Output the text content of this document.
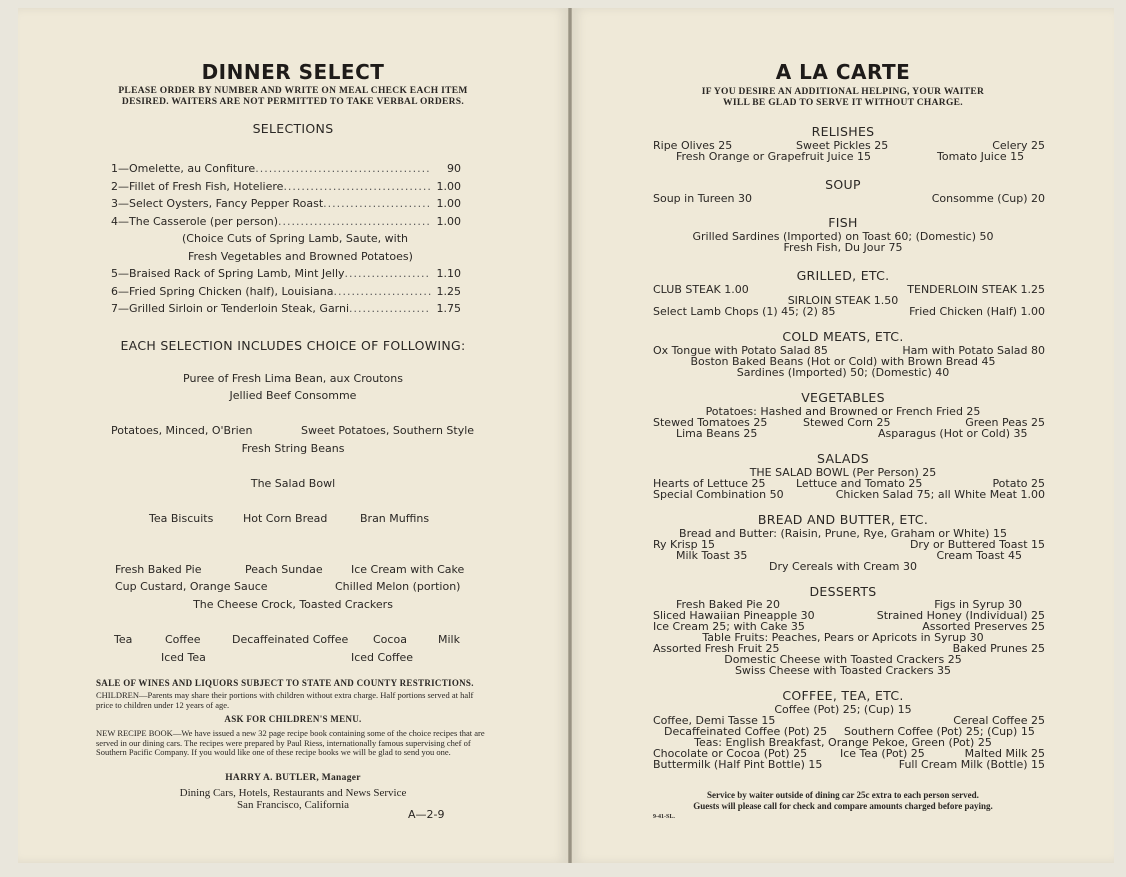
DINNER SELECT
PLEASE ORDER BY NUMBER AND WRITE ON MEAL CHECK EACH ITEM
DESIRED. WAITERS ARE NOT PERMITTED TO TAKE VERBAL ORDERS.
SELECTIONS
1—Omelette, au Confiture .....	90
2—Fillet of Fresh Fish, Hoteliere .....	1.00
3—Select Oysters, Fancy Pepper Roast .....	1.00
4—The Casserole (per person) .....	1.00
(Choice Cuts of Spring Lamb, Saute, with
Fresh Vegetables and Browned Potatoes)
5—Braised Rack of Spring Lamb, Mint Jelly .....	1.10
6—Fried Spring Chicken (half), Louisiana .....	1.25
7—Grilled Sirloin or Tenderloin Steak, Garni .....	1.75
EACH SELECTION INCLUDES CHOICE OF FOLLOWING:
Puree of Fresh Lima Bean, aux Croutons
Jellied Beef Consomme
Potatoes, Minced, O'Brien	Sweet Potatoes, Southern Style
Fresh String Beans
The Salad Bowl
Tea Biscuits	Hot Corn Bread	Bran Muffins
Fresh Baked Pie	Peach Sundae	Ice Cream with Cake
Cup Custard, Orange Sauce	Chilled Melon (portion)
The Cheese Crock, Toasted Crackers
Tea	Coffee	Decaffeinated Coffee Cocoa	Milk
Iced Tea	Iced Coffee
SALE OF WINES AND LIQUORS SUBJECT TO STATE AND COUNTY RESTRICTIONS.
CHILDREN—Parents may share their portions with children without extra charge. Half portions served at half price to children under 12 years of age.
ASK FOR CHILDREN'S MENU.
NEW RECIPE BOOK—We have issued a new 32 page recipe book containing some of the choice recipes that are served in our dining cars. The recipes were prepared by Paul Riess, internationally famous supervising chef of Southern Pacific Company. If you would like one of these recipe books we will be glad to send you one.
HARRY A. BUTLER, Manager
Dining Cars, Hotels, Restaurants and News Service
San Francisco, California
A—2-9
A LA CARTE
IF YOU DESIRE AN ADDITIONAL HELPING, YOUR WAITER
WILL BE GLAD TO SERVE IT WITHOUT CHARGE.
RELISHES
Ripe Olives 25	Sweet Pickles 25	Celery 25
Fresh Orange or Grapefruit Juice 15	Tomato Juice 15
SOUP
Soup in Tureen 30	Consomme (Cup) 20
FISH
Grilled Sardines (Imported) on Toast 60; (Domestic) 50
Fresh Fish, Du Jour 75
GRILLED, ETC.
CLUB STEAK 1.00	TENDERLOIN STEAK 1.25
SIRLOIN STEAK 1.50
Select Lamb Chops (1) 45; (2) 85	Fried Chicken (Half) 1.00
COLD MEATS, ETC.
Ox Tongue with Potato Salad 85	Ham with Potato Salad 80
Boston Baked Beans (Hot or Cold) with Brown Bread 45
Sardines (Imported) 50; (Domestic) 40
VEGETABLES
Potatoes: Hashed and Browned or French Fried 25
Stewed Tomatoes 25	Stewed Corn 25	Green Peas 25
Lima Beans 25	Asparagus (Hot or Cold) 35
SALADS
THE SALAD BOWL (Per Person) 25
Hearts of Lettuce 25	Lettuce and Tomato 25	Potato 25
Special Combination 50	Chicken Salad 75; all White Meat 1.00
BREAD AND BUTTER, ETC.
Bread and Butter: (Raisin, Prune, Rye, Graham or White) 15
Ry Krisp 15	Dry or Buttered Toast 15
Milk Toast 35	Cream Toast 45
Dry Cereals with Cream 30
DESSERTS
Fresh Baked Pie 20	Figs in Syrup 30
Sliced Hawaiian Pineapple 30	Strained Honey (Individual) 25
Ice Cream 25; with Cake 35	Assorted Preserves 25
Table Fruits: Peaches, Pears or Apricots in Syrup 30
Assorted Fresh Fruit 25	Baked Prunes 25
Domestic Cheese with Toasted Crackers 25
Swiss Cheese with Toasted Crackers 35
COFFEE, TEA, ETC.
Coffee (Pot) 25; (Cup) 15
Coffee, Demi Tasse 15	Cereal Coffee 25
Decaffeinated Coffee (Pot) 25 Southern Coffee (Pot) 25; (Cup) 15
Teas: English Breakfast, Orange Pekoe, Green (Pot) 25
Chocolate or Cocoa (Pot) 25	Ice Tea (Pot) 25	Malted Milk 25
Buttermilk (Half Pint Bottle) 15	Full Cream Milk (Bottle) 15
Service by waiter outside of dining car 25c extra to each person served.
Guests will please call for check and compare amounts charged before paying.
9-41-SL.
